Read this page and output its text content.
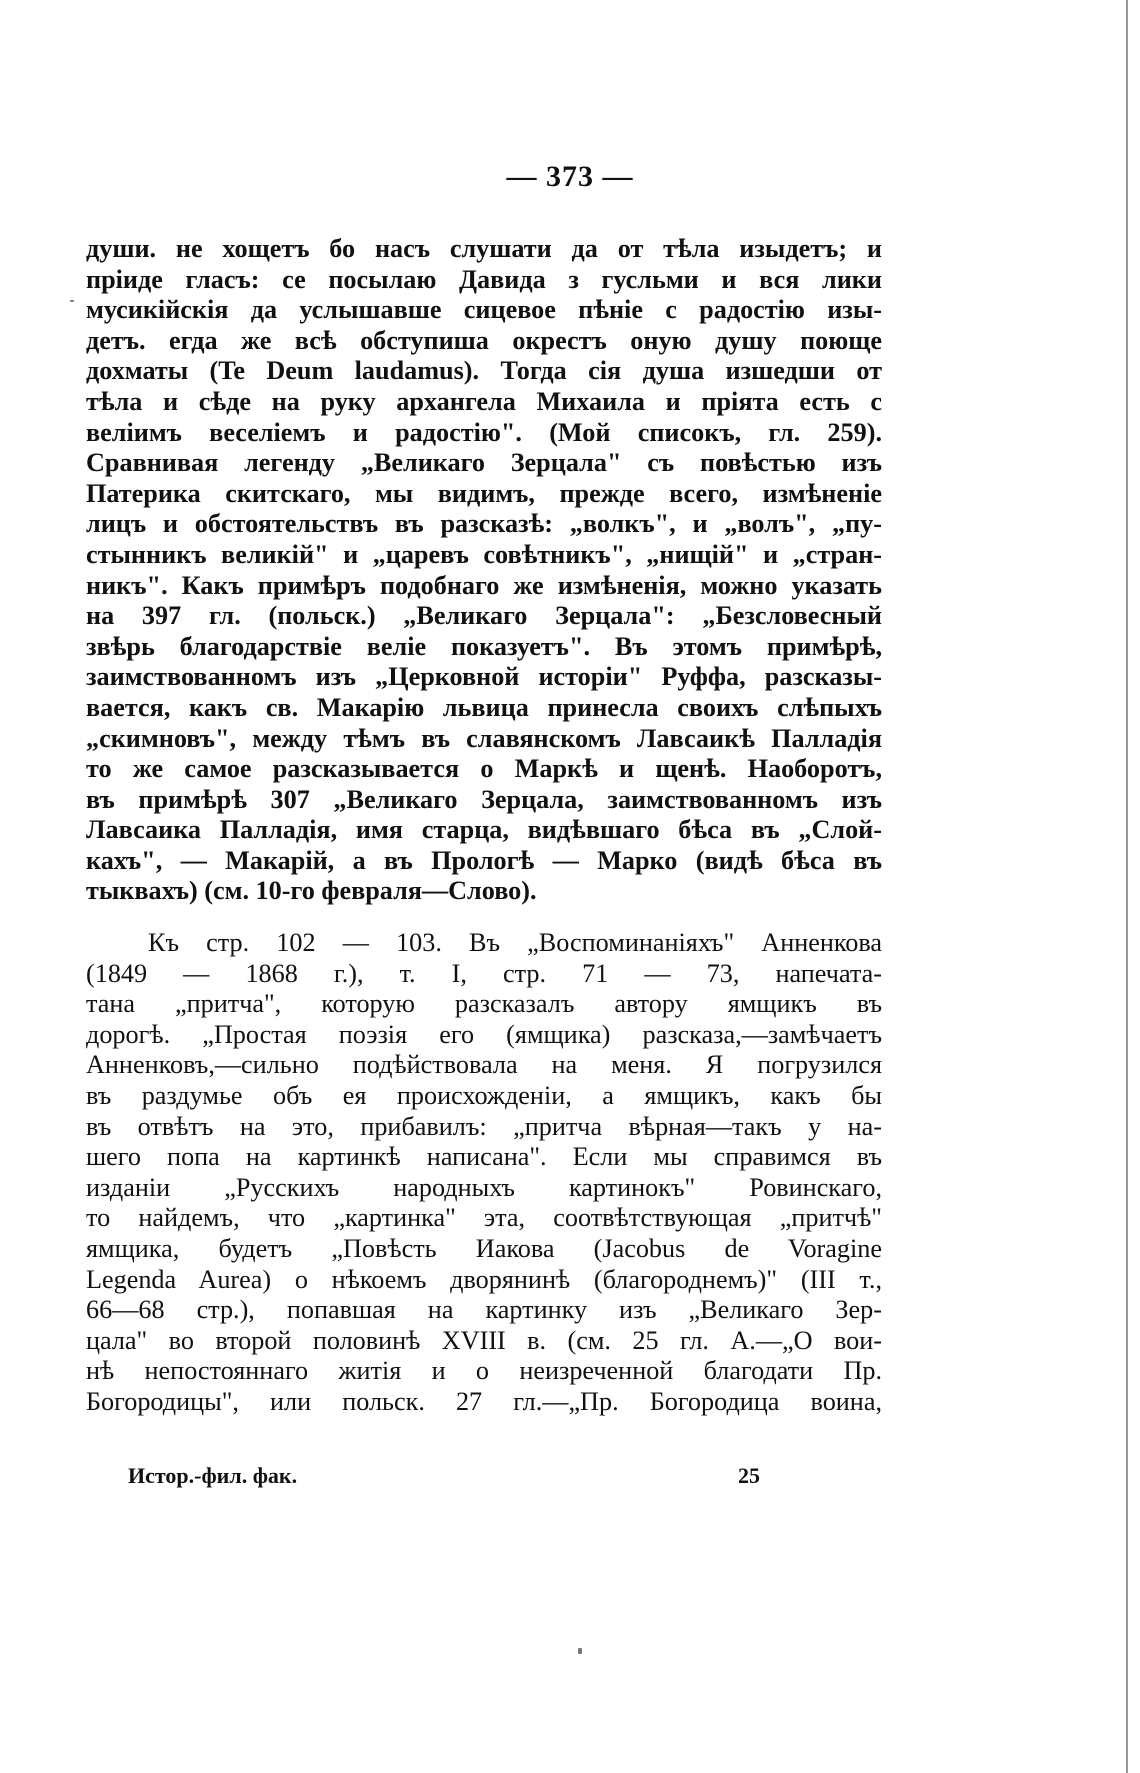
— 373 —
души. не хощетъ бо насъ слушати да от тѣла изыдетъ; и
пріиде гласъ: се посылаю Давида з гусльми и вся лики
мусикійскія да услышавше сицевое пѣніе с радостію изы-
детъ. егда же всѣ обступиша окрестъ оную душу поюще
дохматы (Te Deum laudamus). Тогда сія душа изшедши от
тѣла и сѣде на руку архангела Михаила и пріята есть с
веліимъ веселіемъ и радостію". (Мой списокъ, гл. 259).
Сравнивая легенду „Великаго Зерцала" съ повѣстью изъ
Патерика скитскаго, мы видимъ, прежде всего, измѣненіе
лицъ и обстоятельствъ въ разсказѣ: „волкъ", и „волъ", „пу-
стынникъ великій" и „царевъ совѣтникъ", „нищій" и „стран-
никъ". Какъ примѣръ подобнаго же измѣненія, можно указать
на 397 гл. (польск.) „Великаго Зерцала": „Безсловесный
звѣрь благодарствіе веліе показуетъ". Въ этомъ примѣрѣ,
заимствованномъ изъ „Церковной исторіи" Руффа, разсказы-
вается, какъ св. Макарію львица принесла своихъ слѣпыхъ
„скимновъ", между тѣмъ въ славянскомъ Лавсаикѣ Палладія
то же самое разсказывается о Маркѣ и щенѣ. Наоборотъ,
въ примѣрѣ 307 „Великаго Зерцала, заимствованномъ изъ
Лавсаика Палладія, имя старца, видѣвшаго бѣса въ „Слой-
кахъ", — Макарій, а въ Прологѣ — Марко (видѣ бѣса въ
тыквахъ) (см. 10-го февраля—Слово).
Къ стр. 102 — 103. Въ „Воспоминаніяхъ" Анненкова
(1849 — 1868 г.), т. I, стр. 71 — 73, напечата-
тана „притча", которую разсказалъ автору ямщикъ въ
дорогѣ. „Простая поэзія его (ямщика) разсказа,—замѣчаетъ
Анненковъ,—сильно подѣйствовала на меня. Я погрузился
въ раздумье объ ея происхожденіи, а ямщикъ, какъ бы
въ отвѣтъ на это, прибавилъ: „притча вѣрная—такъ у на-
шего попа на картинкѣ написана". Если мы справимся въ
изданіи „Русскихъ народныхъ картинокъ" Ровинскаго,
то найдемъ, что „картинка" эта, соотвѣтствующая „притчѣ"
ямщика, будетъ „Повѣсть Иакова (Jacobus de Voragine
Legenda Aurea) о нѣкоемъ дворянинѣ (благороднемъ)" (III т.,
66—68 стр.), попавшая на картинку изъ „Великаго Зер-
цала" во второй половинѣ XVIII в. (см. 25 гл. А.—„О вои-
нѣ непостояннаго житія и о неизреченной благодати Пр.
Богородицы", или польск. 27 гл.—„Пр. Богородица воина,
Истор.-фил. фак.	25
